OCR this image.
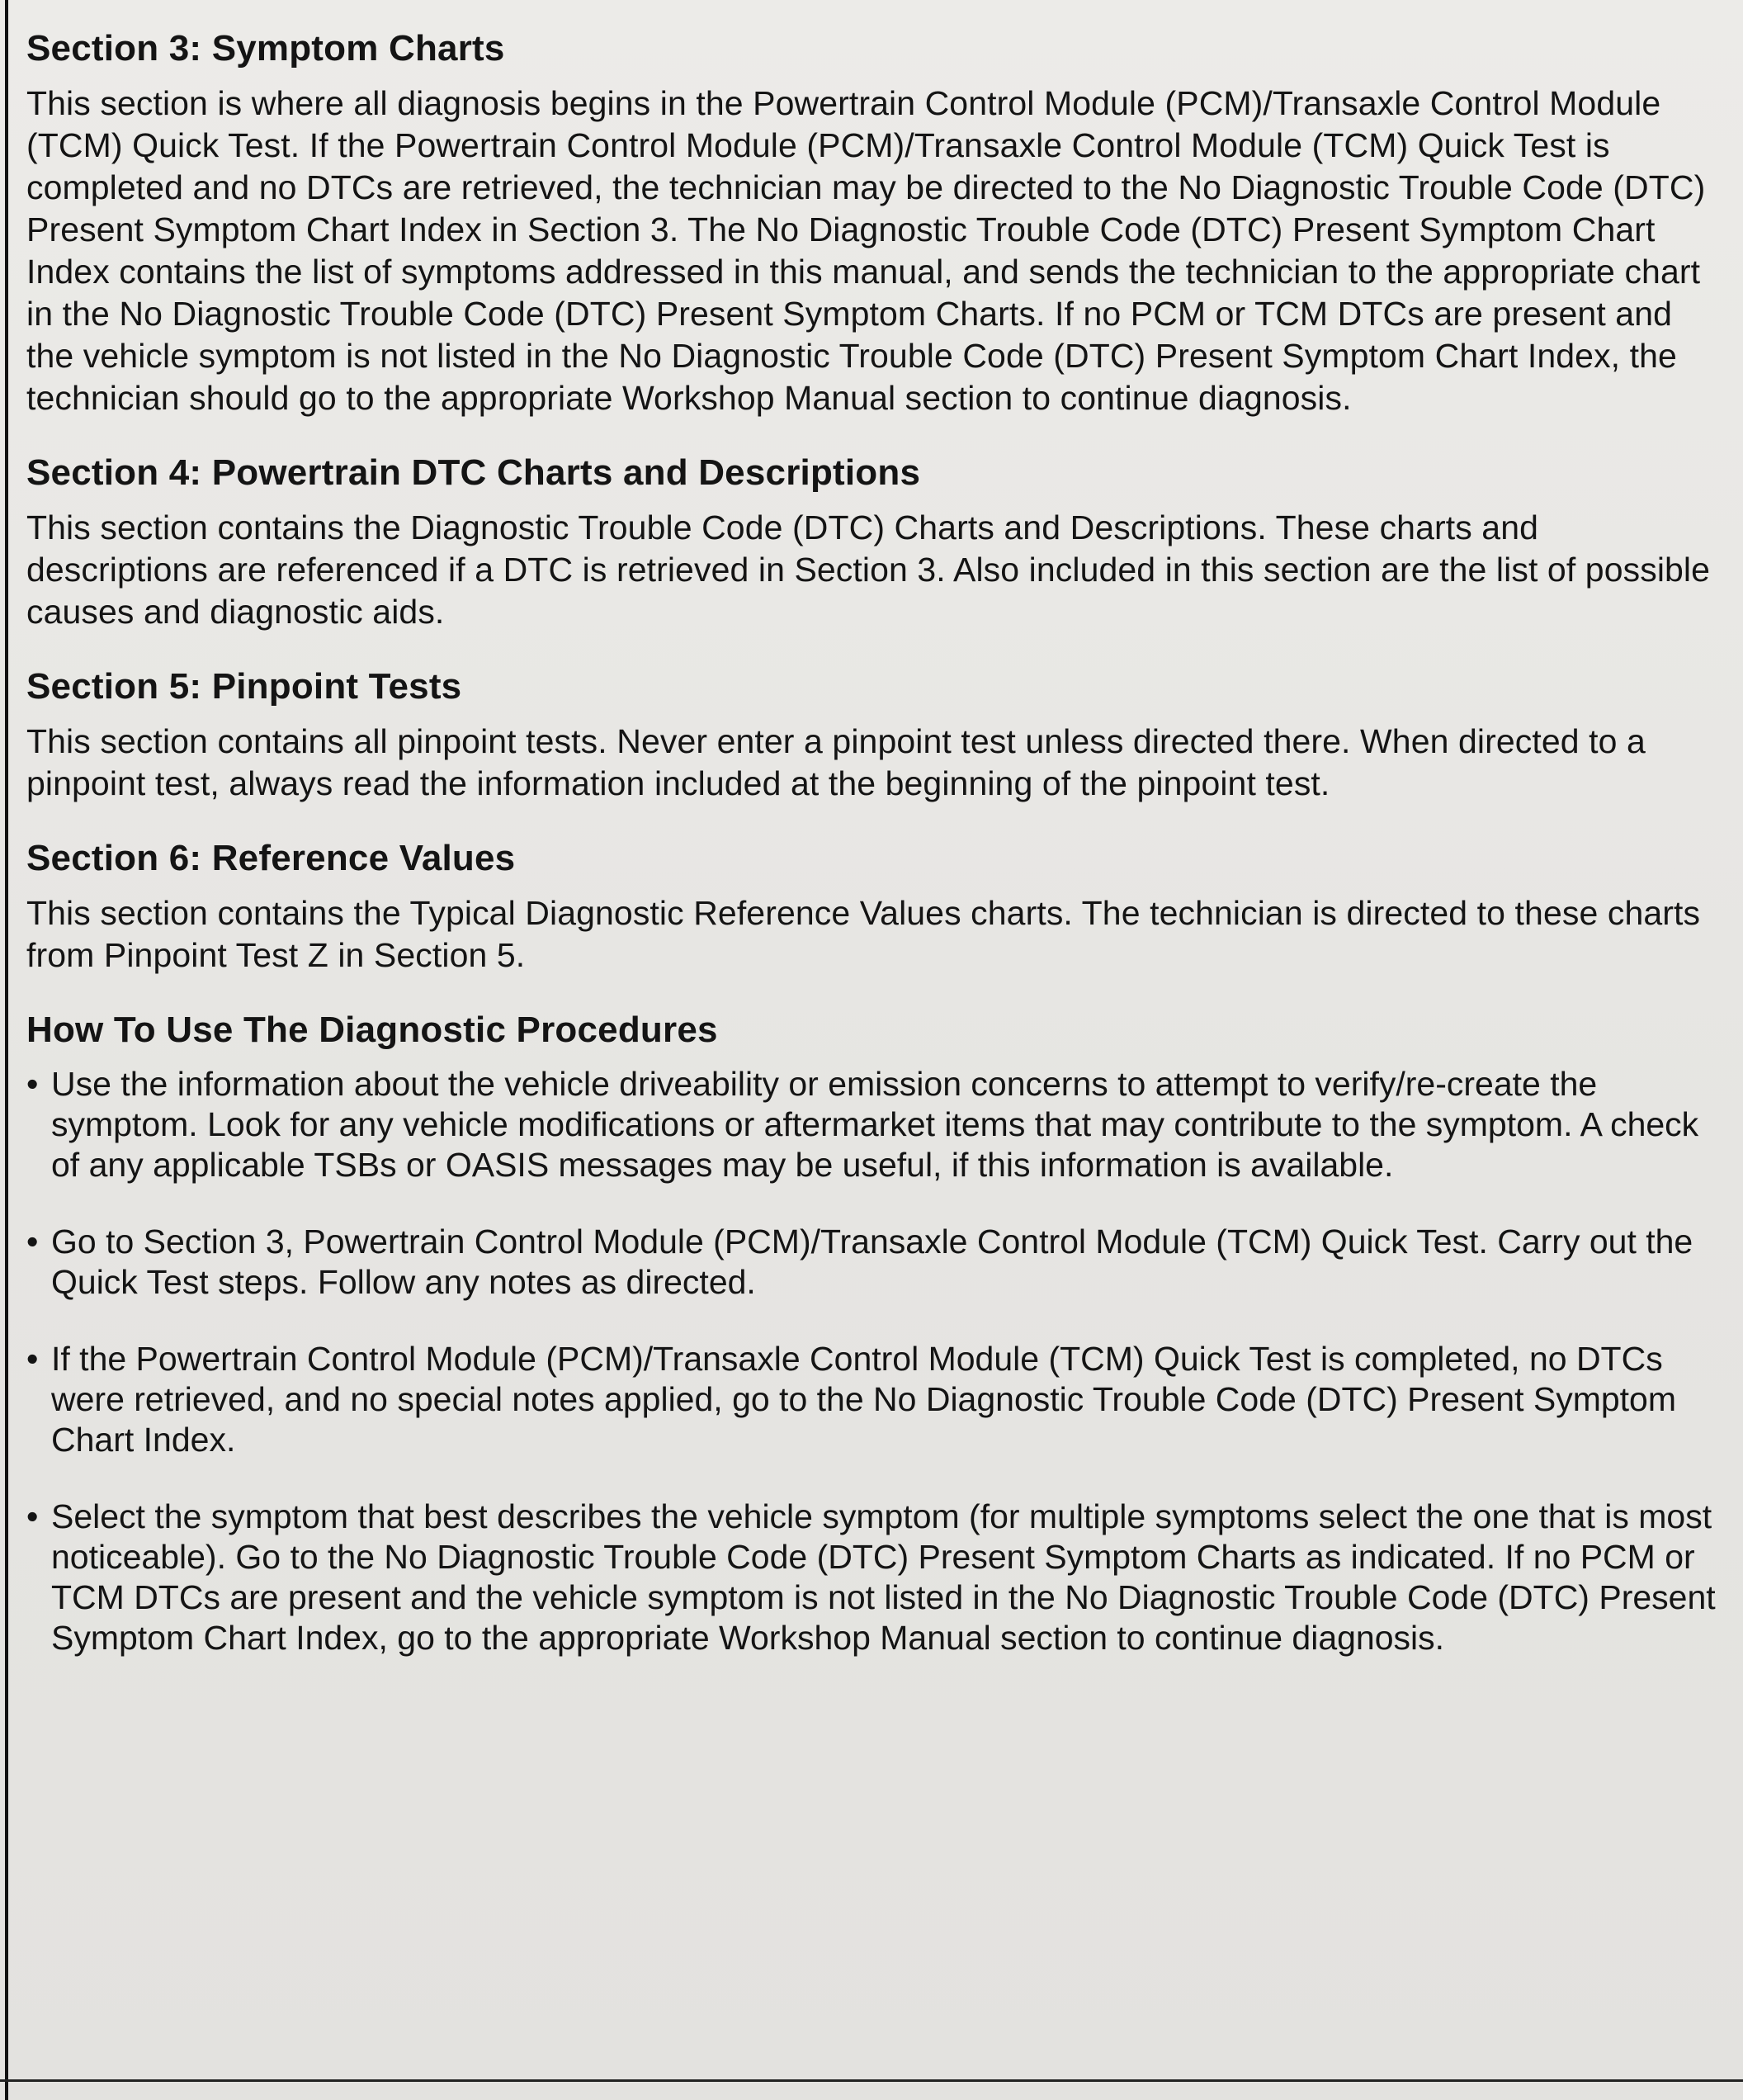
Section 3: Symptom Charts

This section is where all diagnosis begins in the Powertrain Control Module (PCM)/Transaxle Control Module (TCM) Quick Test. If the Powertrain Control Module (PCM)/Transaxle Control Module (TCM) Quick Test is completed and no DTCs are retrieved, the technician may be directed to the No Diagnostic Trouble Code (DTC) Present Symptom Chart Index in Section 3. The No Diagnostic Trouble Code (DTC) Present Symptom Chart Index contains the list of symptoms addressed in this manual, and sends the technician to the appropriate chart in the No Diagnostic Trouble Code (DTC) Present Symptom Charts. If no PCM or TCM DTCs are present and the vehicle symptom is not listed in the No Diagnostic Trouble Code (DTC) Present Symptom Chart Index, the technician should go to the appropriate Workshop Manual section to continue diagnosis.

Section 4: Powertrain DTC Charts and Descriptions

This section contains the Diagnostic Trouble Code (DTC) Charts and Descriptions. These charts and descriptions are referenced if a DTC is retrieved in Section 3. Also included in this section are the list of possible causes and diagnostic aids.

Section 5: Pinpoint Tests

This section contains all pinpoint tests. Never enter a pinpoint test unless directed there. When directed to a pinpoint test, always read the information included at the beginning of the pinpoint test.

Section 6: Reference Values

This section contains the Typical Diagnostic Reference Values charts. The technician is directed to these charts from Pinpoint Test Z in Section 5.

How To Use The Diagnostic Procedures
• Use the information about the vehicle driveability or emission concerns to attempt to verify/re-create the symptom. Look for any vehicle modifications or aftermarket items that may contribute to the symptom. A check of any applicable TSBs or OASIS messages may be useful, if this information is available.
• Go to Section 3, Powertrain Control Module (PCM)/Transaxle Control Module (TCM) Quick Test. Carry out the Quick Test steps. Follow any notes as directed.
• If the Powertrain Control Module (PCM)/Transaxle Control Module (TCM) Quick Test is completed, no DTCs were retrieved, and no special notes applied, go to the No Diagnostic Trouble Code (DTC) Present Symptom Chart Index.
• Select the symptom that best describes the vehicle symptom (for multiple symptoms select the one that is most noticeable). Go to the No Diagnostic Trouble Code (DTC) Present Symptom Charts as indicated. If no PCM or TCM DTCs are present and the vehicle symptom is not listed in the No Diagnostic Trouble Code (DTC) Present Symptom Chart Index, go to the appropriate Workshop Manual section to continue diagnosis.
